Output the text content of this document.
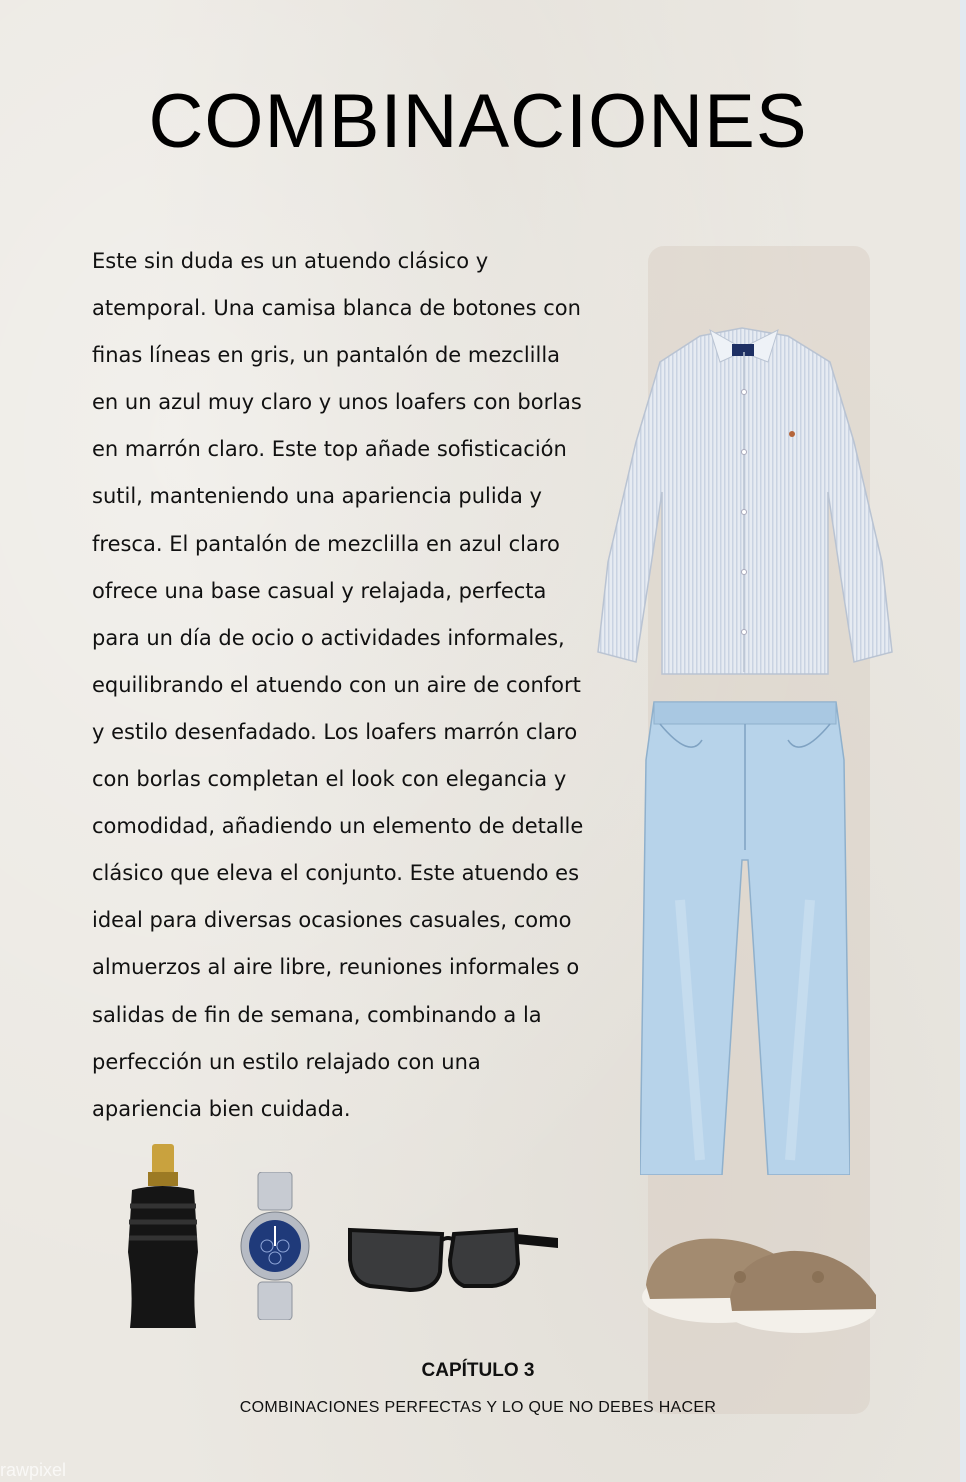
COMBINACIONES

Este sin duda es un atuendo clásico y atemporal. Una camisa blanca de botones con finas líneas en gris, un pantalón de mezclilla en un azul muy claro y unos loafers con borlas en marrón claro. Este top añade sofisticación sutil, manteniendo una apariencia pulida y fresca. El pantalón de mezclilla en azul claro ofrece una base casual y relajada, perfecta para un día de ocio o actividades informales, equilibrando el atuendo con un aire de confort y estilo desenfadado. Los loafers marrón claro con borlas completan el look con elegancia y comodidad, añadiendo un elemento de detalle clásico que eleva el conjunto. Este atuendo es ideal para diversas ocasiones casuales, como almuerzos al aire libre, reuniones informales o salidas de fin de semana, combinando a la perfección un estilo relajado con una apariencia bien cuidada.

CAPÍTULO 3
COMBINACIONES PERFECTAS Y LO QUE NO DEBES HACER
rawpixel
